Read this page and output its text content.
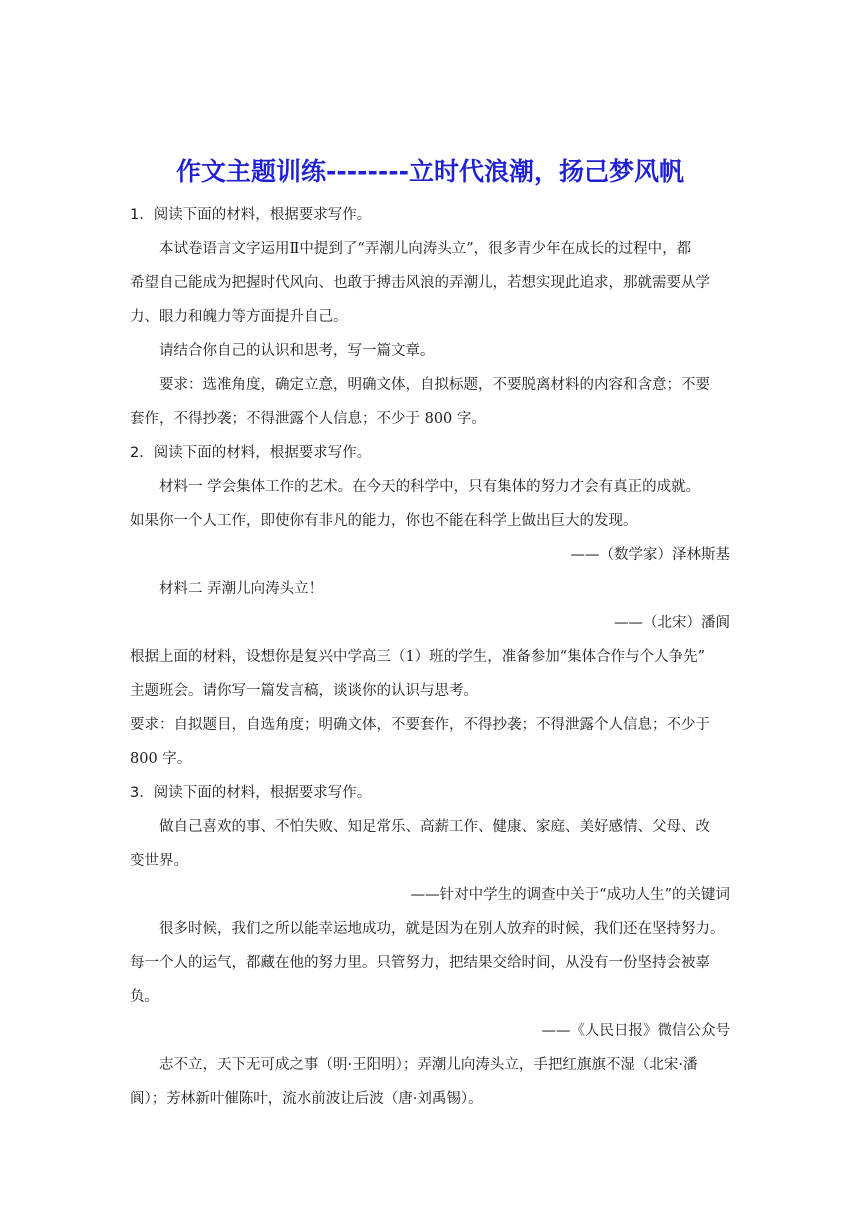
作文主题训练--------立时代浪潮，扬己梦风帆

1．阅读下面的材料，根据要求写作。

本试卷语言文字运用Ⅱ中提到了“弄潮儿向涛头立”，很多青少年在成长的过程中，都

希望自己能成为把握时代风向、也敢于搏击风浪的弄潮儿，若想实现此追求，那就需要从学

力、眼力和魄力等方面提升自己。

请结合你自己的认识和思考，写一篇文章。

要求：选准角度，确定立意，明确文体，自拟标题，不要脱离材料的内容和含意；不要

套作，不得抄袭；不得泄露个人信息；不少于 800 字。

2．阅读下面的材料，根据要求写作。

材料一 学会集体工作的艺术。在今天的科学中，只有集体的努力才会有真正的成就。

如果你一个人工作，即使你有非凡的能力，你也不能在科学上做出巨大的发现。

——（数学家）泽林斯基

材料二 弄潮儿向涛头立！

——（北宋）潘阆

根据上面的材料，设想你是复兴中学高三（1）班的学生，准备参加“集体合作与个人争先”

主题班会。请你写一篇发言稿，谈谈你的认识与思考。

要求：自拟题目，自选角度；明确文体，不要套作，不得抄袭；不得泄露个人信息；不少于

800 字。

3．阅读下面的材料，根据要求写作。

做自己喜欢的事、不怕失败、知足常乐、高薪工作、健康、家庭、美好感情、父母、改

变世界。

——针对中学生的调查中关于“成功人生”的关键词

很多时候，我们之所以能幸运地成功，就是因为在别人放弃的时候，我们还在坚持努力。

每一个人的运气，都藏在他的努力里。只管努力，把结果交给时间，从没有一份坚持会被辜

负。

——《人民日报》微信公众号

志不立，天下无可成之事（明·王阳明）；弄潮儿向涛头立，手把红旗旗不湿（北宋·潘

阆）；芳林新叶催陈叶，流水前波让后波（唐·刘禹锡）。
